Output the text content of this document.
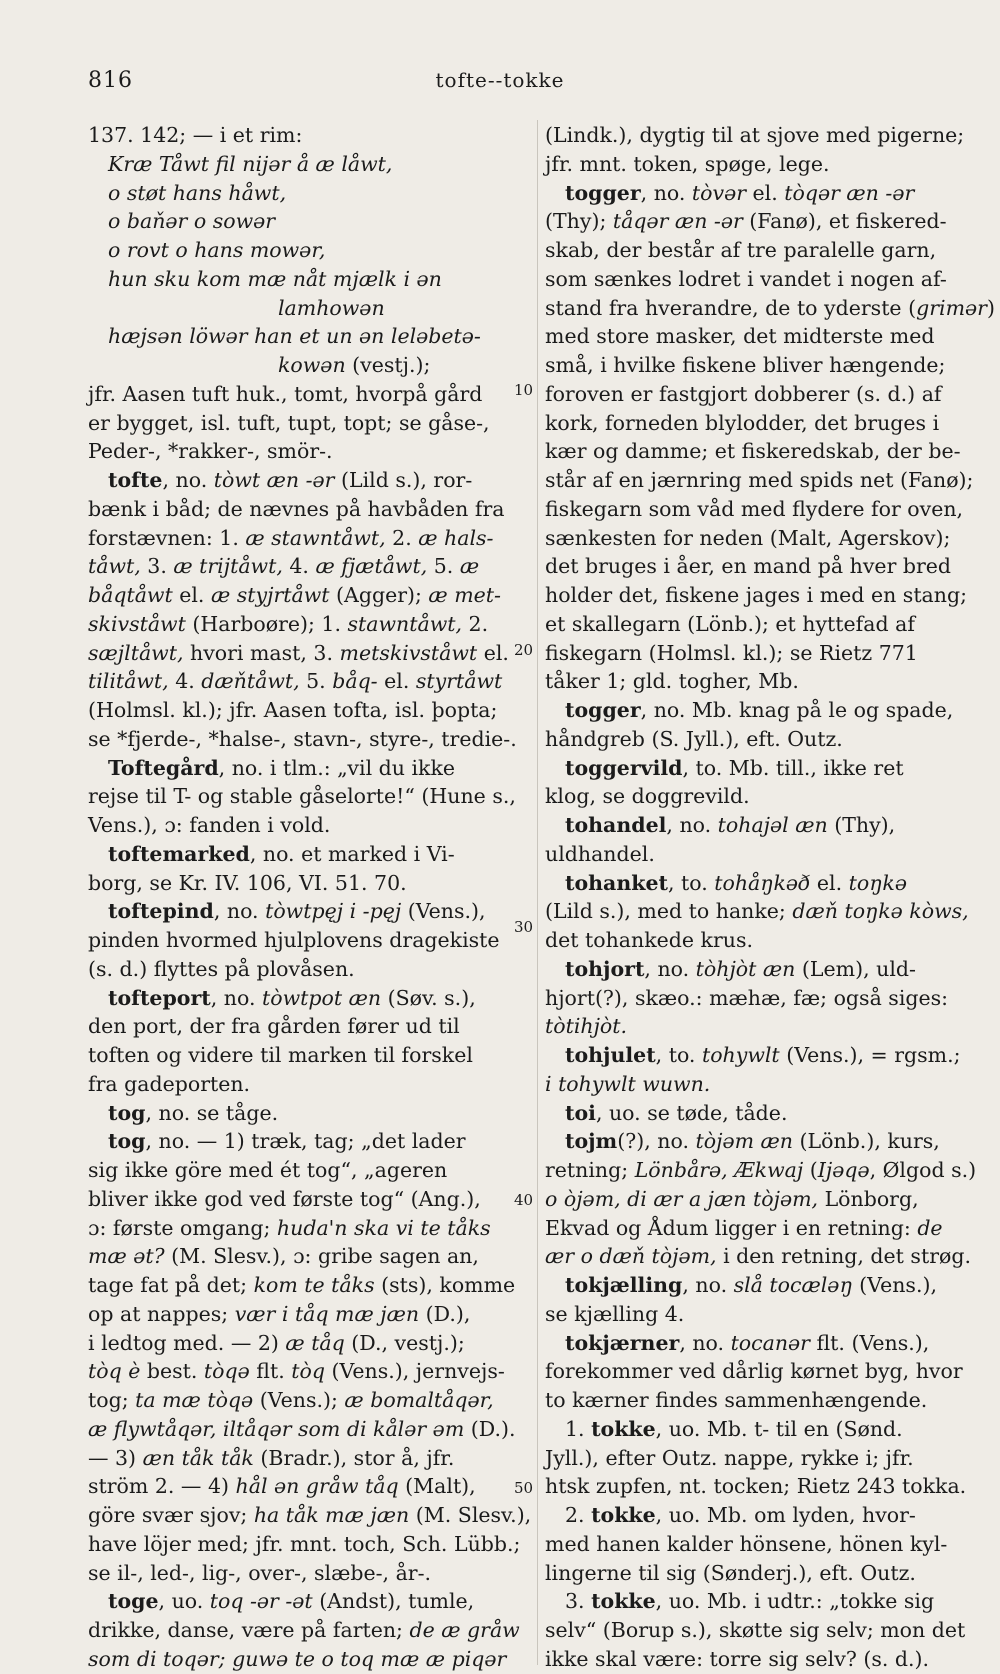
816	tofte--tokke
137. 142; — i et rim:
Kræ Tåwt fil nijər å æ låwt,
o støt hans håwt,
o baňər o sowər
o rovt o hans mowər,
hun sku kom mæ nåt mjælk i ən
lamhowən
hæjsən löwər han et un ən leləbetə-
kowən (vestj.);
jfr. Aasen tuft huk., tomt, hvorpå gård
er bygget, isl. tuft, tupt, topt; se gåse-,
Peder-, *rakker-, smör-.
tofte, no. tòwt æn -ər (Lild s.), ror-
bænk i båd; de nævnes på havbåden fra
forstævnen: 1. æ stawntåwt, 2. æ hals-
tåwt, 3. æ trijtåwt, 4. æ fjætåwt, 5. æ
båqtåwt el. æ styjrtåwt (Agger); æ met-
skivståwt (Harboøre); 1. stawntåwt, 2.
sæjltåwt, hvori mast, 3. metskivståwt el.
tilitåwt, 4. dæňtåwt, 5. båq- el. styrtåwt
(Holmsl. kl.); jfr. Aasen tofta, isl. þopta;
se *fjerde-, *halse-, stavn-, styre-, tredie-.
Toftegård, no. i tlm.: „vil du ikke
rejse til T- og stable gåselorte!“ (Hune s.,
Vens.), ɔ: fanden i vold.
toftemarked, no. et marked i Vi-
borg, se Kr. IV. 106, VI. 51. 70.
toftepind, no. tòwtpęj i -pęj (Vens.),
pinden hvormed hjulplovens dragekiste
(s. d.) flyttes på plovåsen.
tofteport, no. tòwtpot æn (Søv. s.),
den port, der fra gården fører ud til
toften og videre til marken til forskel
fra gadeporten.
tog, no. se tåge.
tog, no. — 1) træk, tag; „det lader
sig ikke göre med ét tog“, „ageren
bliver ikke god ved første tog“ (Ang.),
ɔ: første omgang; huda'n ska vi te tåks
mæ ət? (M. Slesv.), ɔ: gribe sagen an,
tage fat på det; kom te tåks (sts), komme
op at nappes; vær i tåq mæ jæn (D.),
i ledtog med. — 2) æ tåq (D., vestj.);
tòq è best. tòqə flt. tòq (Vens.), jernvejs-
tog; ta mæ tòqə (Vens.); æ bomaltåqər,
æ flywtåqər, iltåqər som di kålər əm (D.).
— 3) æn tåk tåk (Bradr.), stor å, jfr.
ström 2. — 4) hål ən gråw tåq (Malt),
göre svær sjov; ha tåk mæ jæn (M. Slesv.),
have löjer med; jfr. mnt. toch, Sch. Lübb.;
se il-, led-, lig-, over-, slæbe-, år-.
toge, uo. toq -ər -ət (Andst), tumle,
drikke, danse, være på farten; de æ gråw
som di toqər; guwə te o toq mæ æ piqər
(Lindk.), dygtig til at sjove med pigerne;
jfr. mnt. token, spøge, lege.
togger, no. tòvər el. tòqər æn -ər
(Thy); tåqər æn -ər (Fanø), et fiskered-
skab, der består af tre paralelle garn,
som sænkes lodret i vandet i nogen af-
stand fra hverandre, de to yderste (grimər)
med store masker, det midterste med
små, i hvilke fiskene bliver hængende;
foroven er fastgjort dobberer (s. d.) af
kork, forneden blylodder, det bruges i
kær og damme; et fiskeredskab, der be-
står af en jærnring med spids net (Fanø);
fiskegarn som våd med flydere for oven,
sænkesten for neden (Malt, Agerskov);
det bruges i åer, en mand på hver bred
holder det, fiskene jages i med en stang;
et skallegarn (Lönb.); et hyttefad af
fiskegarn (Holmsl. kl.); se Rietz 771
tåker 1; gld. togher, Mb.
togger, no. Mb. knag på le og spade,
håndgreb (S. Jyll.), eft. Outz.
toggervild, to. Mb. till., ikke ret
klog, se doggrevild.
tohandel, no. tohajəl æn (Thy),
uldhandel.
tohanket, to. tohåŋkəð el. toŋkə
(Lild s.), med to hanke; dæň toŋkə kòws,
det tohankede krus.
tohjort, no. tòhjòt æn (Lem), uld-
hjort(?), skæo.: mæhæ, fæ; også siges:
tòtihjòt.
tohjulet, to. tohywlt (Vens.), = rgsm.;
i tohywlt wuwn.
toi, uo. se tøde, tåde.
tojm(?), no. tòjəm æn (Lönb.), kurs,
retning; Lönbårə, Ækwaj (Ijəqə, Ølgod s.)
o òjəm, di ær a jæn tòjəm, Lönborg,
Ekvad og Ådum ligger i en retning: de
ær o dæň tòjəm, i den retning, det strøg.
tokjælling, no. slå tocæləŋ (Vens.),
se kjælling 4.
tokjærner, no. tocanər flt. (Vens.),
forekommer ved dårlig kørnet byg, hvor
to kærner findes sammenhængende.
1. tokke, uo. Mb. t- til en (Sønd.
Jyll.), efter Outz. nappe, rykke i; jfr.
htsk zupfen, nt. tocken; Rietz 243 tokka.
2. tokke, uo. Mb. om lyden, hvor-
med hanen kalder hönsene, hönen kyl-
lingerne til sig (Sønderj.), eft. Outz.
3. tokke, uo. Mb. i udtr.: „tokke sig
selv“ (Borup s.), skøtte sig selv; mon det
ikke skal være: torre sig selv? (s. d.).
10
20
30
40
50
